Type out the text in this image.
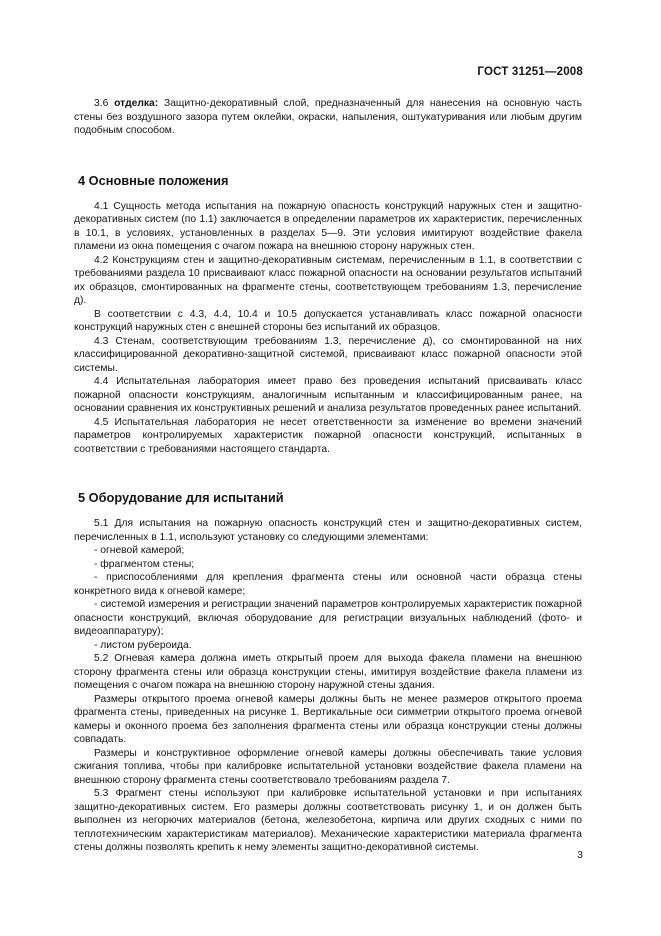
ГОСТ 31251—2008

3.6 отделка: Защитно-декоративный слой, предназначенный для нанесения на основную часть стены без воздушного зазора путем оклейки, окраски, напыления, оштукатуривания или любым другим подобным способом.

4 Основные положения

4.1 Сущность метода испытания на пожарную опасность конструкций наружных стен и защитно-декоративных систем (по 1.1) заключается в определении параметров их характеристик, перечисленных в 10.1, в условиях, установленных в разделах 5—9. Эти условия имитируют воздействие факела пламени из окна помещения с очагом пожара на внешнюю сторону наружных стен.

4.2 Конструкциям стен и защитно-декоративным системам, перечисленным в 1.1, в соответствии с требованиями раздела 10 присваивают класс пожарной опасности на основании результатов испытаний их образцов, смонтированных на фрагменте стены, соответствующем требованиям 1.3, перечисление д).

В соответствии с 4.3, 4.4, 10.4 и 10.5 допускается устанавливать класс пожарной опасности конструкций наружных стен с внешней стороны без испытаний их образцов.

4.3 Стенам, соответствующим требованиям 1.3, перечисление д), со смонтированной на них классифицированной декоративно-защитной системой, присваивают класс пожарной опасности этой системы.

4.4 Испытательная лаборатория имеет право без проведения испытаний присваивать класс пожарной опасности конструкциям, аналогичным испытанным и классифицированным ранее, на основании сравнения их конструктивных решений и анализа результатов проведенных ранее испытаний.

4.5 Испытательная лаборатория не несет ответственности за изменение во времени значений параметров контролируемых характеристик пожарной опасности конструкций, испытанных в соответствии с требованиями настоящего стандарта.

5 Оборудование для испытаний

5.1 Для испытания на пожарную опасность конструкций стен и защитно-декоративных систем, перечисленных в 1.1, используют установку со следующими элементами:

- огневой камерой;

- фрагментом стены;

- приспособлениями для крепления фрагмента стены или основной части образца стены конкретного вида к огневой камере;

- системой измерения и регистрации значений параметров контролируемых характеристик пожарной опасности конструкций, включая оборудование для регистрации визуальных наблюдений (фото- и видеоаппаратуру);

- листом рубероида.

5.2 Огневая камера должна иметь открытый проем для выхода факела пламени на внешнюю сторону фрагмента стены или образца конструкции стены, имитируя воздействие факела пламени из помещения с очагом пожара на внешнюю сторону наружной стены здания.

Размеры открытого проема огневой камеры должны быть не менее размеров открытого проема фрагмента стены, приведенных на рисунке 1. Вертикальные оси симметрии открытого проема огневой камеры и оконного проема без заполнения фрагмента стены или образца конструкции стены должны совпадать.

Размеры и конструктивное оформление огневой камеры должны обеспечивать такие условия сжигания топлива, чтобы при калибровке испытательной установки воздействие факела пламени на внешнюю сторону фрагмента стены соответствовало требованиям раздела 7.

5.3 Фрагмент стены используют при калибровке испытательной установки и при испытаниях защитно-декоративных систем. Его размеры должны соответствовать рисунку 1, и он должен быть выполнен из негорючих материалов (бетона, железобетона, кирпича или других сходных с ними по теплотехническим характеристикам материалов). Механические характеристики материала фрагмента стены должны позволять крепить к нему элементы защитно-декоративной системы.

3
